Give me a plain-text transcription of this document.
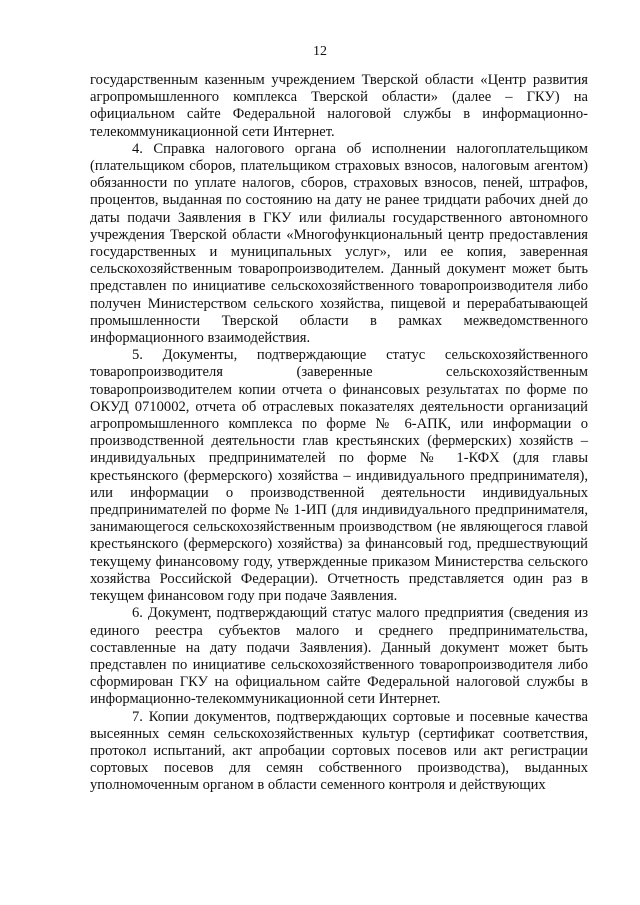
12

государственным казенным учреждением Тверской области «Центр развития агропромышленного комплекса Тверской области» (далее – ГКУ) на официальном сайте Федеральной налоговой службы в информационно-телекоммуникационной сети Интернет.

4. Справка налогового органа об исполнении налогоплательщиком (плательщиком сборов, плательщиком страховых взносов, налоговым агентом) обязанности по уплате налогов, сборов, страховых взносов, пеней, штрафов, процентов, выданная по состоянию на дату не ранее тридцати рабочих дней до даты подачи Заявления в ГКУ или филиалы государственного автономного учреждения Тверской области «Многофункциональный центр предоставления государственных и муниципальных услуг», или ее копия, заверенная сельскохозяйственным товаропроизводителем. Данный документ может быть представлен по инициативе сельскохозяйственного товаропроизводителя либо получен Министерством сельского хозяйства, пищевой и перерабатывающей промышленности Тверской области в рамках межведомственного информационного взаимодействия.

5. Документы, подтверждающие статус сельскохозяйственного товаропроизводителя (заверенные сельскохозяйственным товаропроизводителем копии отчета о финансовых результатах по форме по ОКУД 0710002, отчета об отраслевых показателях деятельности организаций агропромышленного комплекса по форме № 6-АПК, или информации о производственной деятельности глав крестьянских (фермерских) хозяйств – индивидуальных предпринимателей по форме № 1-КФХ (для главы крестьянского (фермерского) хозяйства – индивидуального предпринимателя), или информации о производственной деятельности индивидуальных предпринимателей по форме № 1-ИП (для индивидуального предпринимателя, занимающегося сельскохозяйственным производством (не являющегося главой крестьянского (фермерского) хозяйства) за финансовый год, предшествующий текущему финансовому году, утвержденные приказом Министерства сельского хозяйства Российской Федерации). Отчетность представляется один раз в текущем финансовом году при подаче Заявления.

6. Документ, подтверждающий статус малого предприятия (сведения из единого реестра субъектов малого и среднего предпринимательства, составленные на дату подачи Заявления). Данный документ может быть представлен по инициативе сельскохозяйственного товаропроизводителя либо сформирован ГКУ на официальном сайте Федеральной налоговой службы в информационно-телекоммуникационной сети Интернет.

7. Копии документов, подтверждающих сортовые и посевные качества высеянных семян сельскохозяйственных культур (сертификат соответствия, протокол испытаний, акт апробации сортовых посевов или акт регистрации сортовых посевов для семян собственного производства), выданных уполномоченным органом в области семенного контроля и действующих
